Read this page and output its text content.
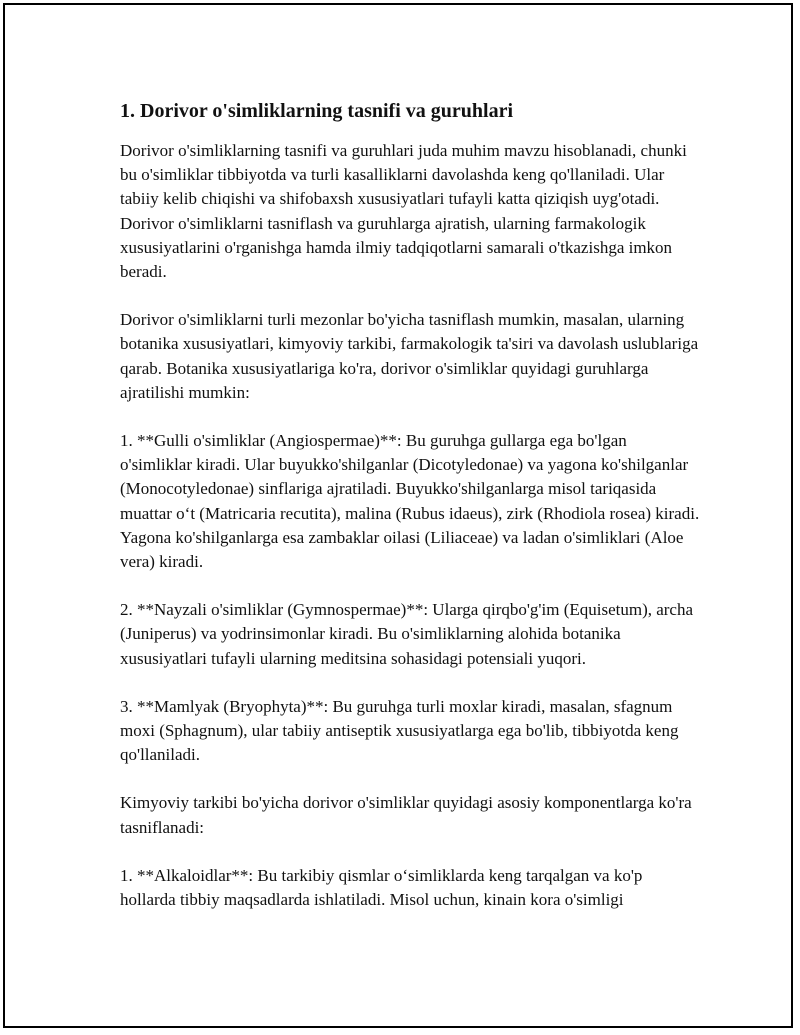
1. Dorivor o'simliklarning tasnifi va guruhlari

Dorivor o'simliklarning tasnifi va guruhlari juda muhim mavzu hisoblanadi, chunki bu o'simliklar tibbiyotda va turli kasalliklarni davolashda keng qo'llaniladi. Ular tabiiy kelib chiqishi va shifobaxsh xususiyatlari tufayli katta qiziqish uyg'otadi. Dorivor o'simliklarni tasniflash va guruhlarga ajratish, ularning farmakologik xususiyatlarini o'rganishga hamda ilmiy tadqiqotlarni samarali o'tkazishga imkon beradi.

Dorivor o'simliklarni turli mezonlar bo'yicha tasniflash mumkin, masalan, ularning botanika xususiyatlari, kimyoviy tarkibi, farmakologik ta'siri va davolash uslublariga qarab. Botanika xususiyatlariga ko'ra, dorivor o'simliklar quyidagi guruhlarga ajratilishi mumkin:

1. **Gulli o'simliklar (Angiospermae)**: Bu guruhga gullarga ega bo'lgan o'simliklar kiradi. Ular buyukko'shilganlar (Dicotyledonae) va yagona ko'shilganlar (Monocotyledonae) sinflariga ajratiladi. Buyukko'shilganlarga misol tariqasida muattar o‘t (Matricaria recutita), malina (Rubus idaeus), zirk (Rhodiola rosea) kiradi. Yagona ko'shilganlarga esa zambaklar oilasi (Liliaceae) va ladan o'simliklari (Aloe vera) kiradi.

2. **Nayzali o'simliklar (Gymnospermae)**: Ularga qirqbo'g'im (Equisetum), archa (Juniperus) va yodrinsimonlar kiradi. Bu o'simliklarning alohida botanika xususiyatlari tufayli ularning meditsina sohasidagi potensiali yuqori.

3. **Mamlyak (Bryophyta)**: Bu guruhga turli moxlar kiradi, masalan, sfagnum moxi (Sphagnum), ular tabiiy antiseptik xususiyatlarga ega bo'lib, tibbiyotda keng qo'llaniladi.

Kimyoviy tarkibi bo'yicha dorivor o'simliklar quyidagi asosiy komponentlarga ko'ra tasniflanadi:

1. **Alkaloidlar**: Bu tarkibiy qismlar o‘simliklarda keng tarqalgan va ko'p hollarda tibbiy maqsadlarda ishlatiladi. Misol uchun, kinain kora o'simligi
